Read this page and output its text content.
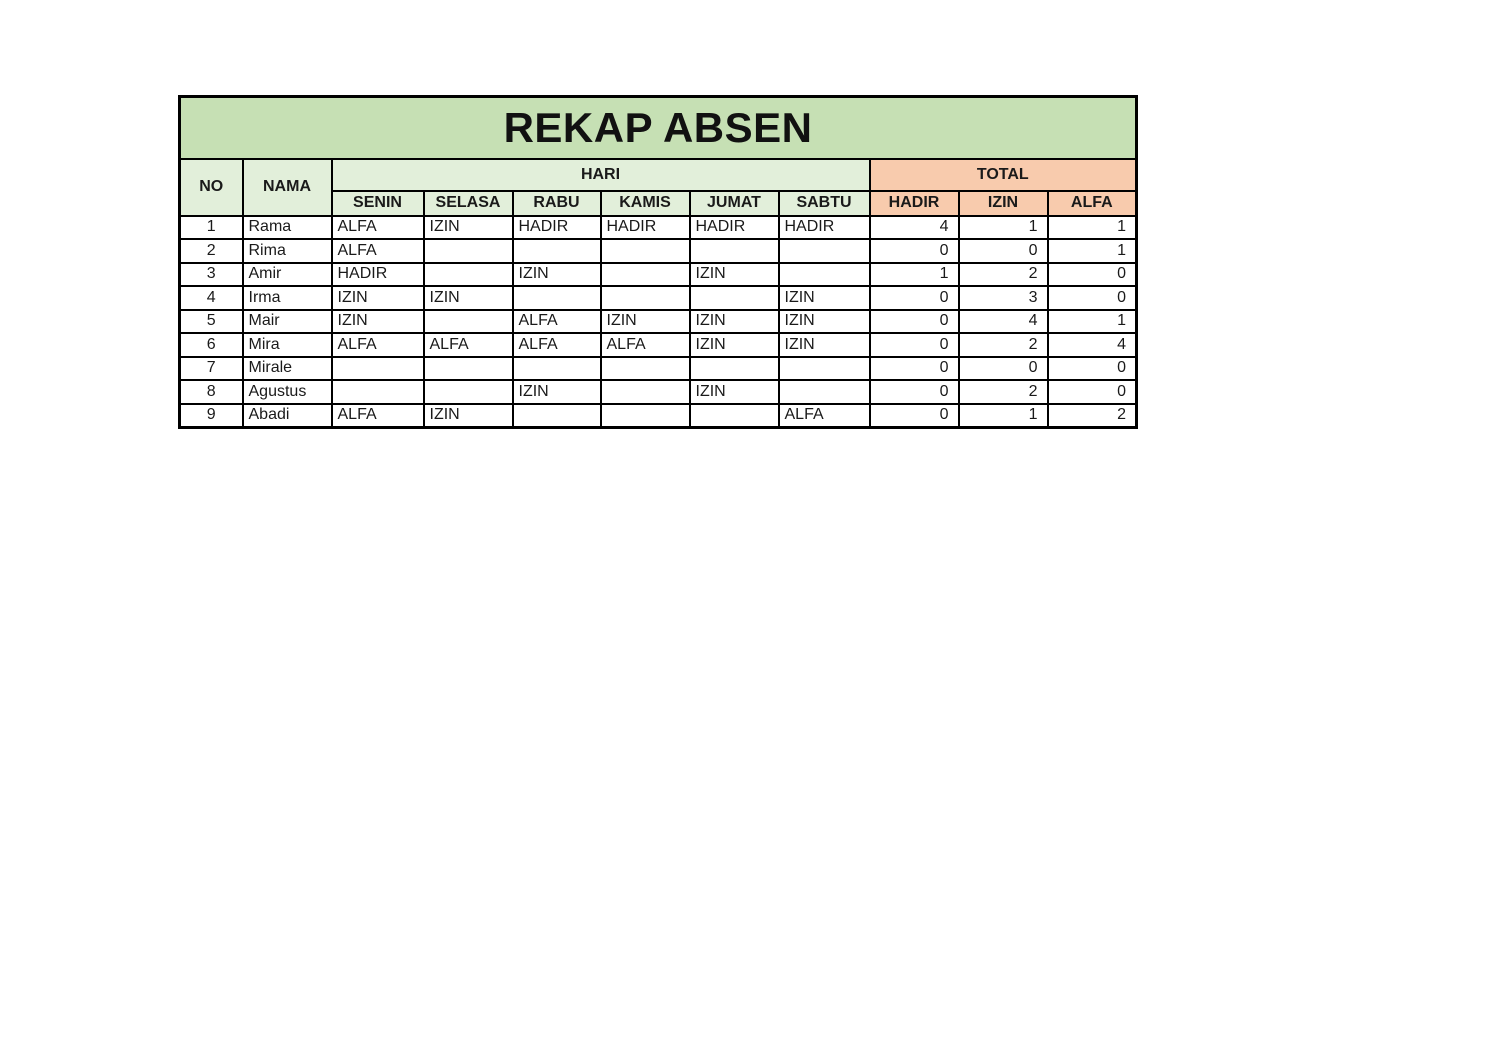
REKAP ABSEN										
NO	NAMA	HARI						TOTAL		
		SENIN	SELASA	RABU	KAMIS	JUMAT	SABTU	HADIR	IZIN	ALFA
1	Rama	ALFA	IZIN	HADIR	HADIR	HADIR	HADIR	4	1	1
2	Rima	ALFA						0	0	1
3	Amir	HADIR		IZIN		IZIN		1	2	0
4	Irma	IZIN	IZIN				IZIN	0	3	0
5	Mair	IZIN		ALFA	IZIN	IZIN	IZIN	0	4	1
6	Mira	ALFA	ALFA	ALFA	ALFA	IZIN	IZIN	0	2	4
7	Mirale							0	0	0
8	Agustus			IZIN		IZIN		0	2	0
9	Abadi	ALFA	IZIN				ALFA	0	1	2
